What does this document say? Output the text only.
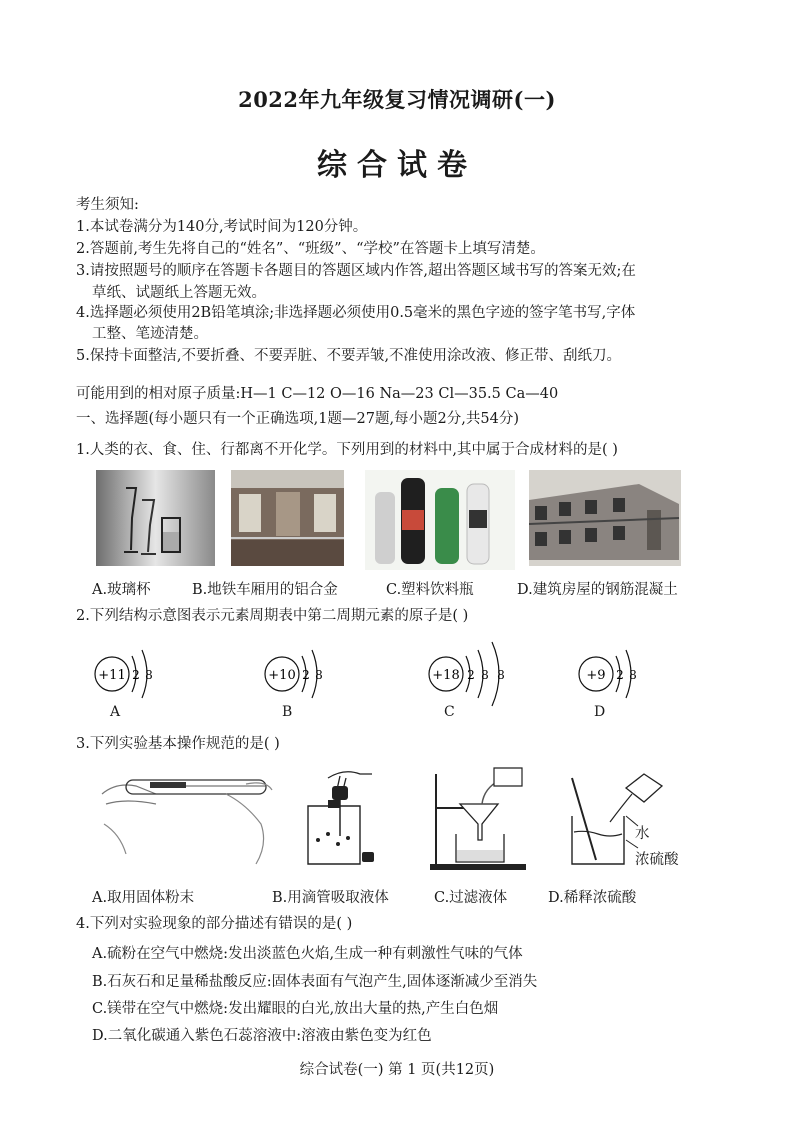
2022年九年级复习情况调研(一)
综合试卷
考生须知:
1.本试卷满分为140分,考试时间为120分钟。
2.答题前,考生先将自己的“姓名”、“班级”、“学校”在答题卡上填写清楚。
3.请按照题号的顺序在答题卡各题目的答题区域内作答,超出答题区域书写的答案无效;在
草纸、试题纸上答题无效。
4.选择题必须使用2B铅笔填涂;非选择题必须使用0.5毫米的黑色字迹的签字笔书写,字体
工整、笔迹清楚。
5.保持卡面整洁,不要折叠、不要弄脏、不要弄皱,不准使用涂改液、修正带、刮纸刀。
可能用到的相对原子质量:H—1 C—12 O—16 Na—23 Cl—35.5 Ca—40
一、选择题(每小题只有一个正确选项,1题—27题,每小题2分,共54分)
1.人类的衣、食、住、行都离不开化学。下列用到的材料中,其中属于合成材料的是( )
A.玻璃杯	B.地铁车厢用的铝合金	C.塑料饮料瓶	D.建筑房屋的钢筋混凝土
2.下列结构示意图表示元素周期表中第二周期元素的原子是( )
+11 2 8
A
+10 2 8
B
+18 2 8 8
C
+9 2 8
D
3.下列实验基本操作规范的是( )
水
浓硫酸
A.取用固体粉末	B.用滴管吸取液体	C.过滤液体	D.稀释浓硫酸
4.下列对实验现象的部分描述有错误的是( )
A.硫粉在空气中燃烧:发出淡蓝色火焰,生成一种有刺激性气味的气体
B.石灰石和足量稀盐酸反应:固体表面有气泡产生,固体逐渐减少至消失
C.镁带在空气中燃烧:发出耀眼的白光,放出大量的热,产生白色烟
D.二氧化碳通入紫色石蕊溶液中:溶液由紫色变为红色
综合试卷(一) 第 1 页(共12页)
